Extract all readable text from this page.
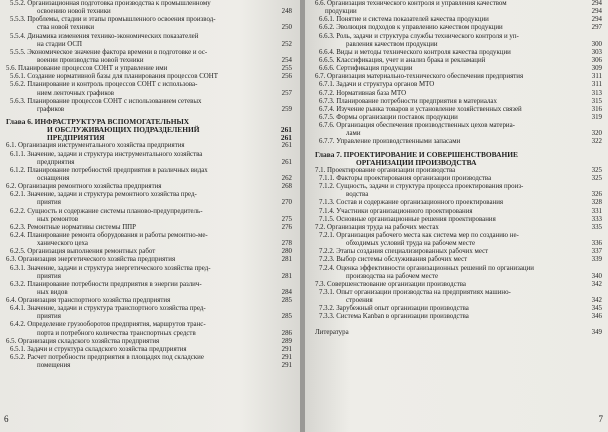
5.5.2. Организационная подготовка производства к промышленному
освоению новой техники	248
5.5.3. Проблемы, стадии и этапы промышленного освоения производ-
ства новой техники	250
5.5.4. Динамика изменения технико-экономических показателей
на стадии ОСП	252
5.5.5. Экономическое значение фактора времени в подготовке и ос-
воении производства новой техники	254
5.6. Планирование процессов СОНТ и управление ими	255
5.6.1. Создание нормативной базы для планирования процессов СОНТ	256
5.6.2. Планирование и контроль процессов СОНТ с использова-
нием ленточных графиков	257
5.6.3. Планирование процессов СОНТ с использованием сетевых
графиков	259
Глава 6. ИНФРАСТРУКТУРА ВСПОМОГАТЕЛЬНЫХ
И ОБСЛУЖИВАЮЩИХ ПОДРАЗДЕЛЕНИЙ	261
ПРЕДПРИЯТИЯ	261
6.1. Организация инструментального хозяйства предприятия	261
6.1.1. Значение, задачи и структура инструментального хозяйства
предприятия	261
6.1.2. Планирование потребностей предприятия в различных видах
оснащения	262
6.2. Организация ремонтного хозяйства предприятия	268
6.2.1. Значение, задачи и структура ремонтного хозяйства пред-
приятия	270
6.2.2. Сущность и содержание системы планово-предупредитель-
ных ремонтов	275
6.2.3. Ремонтные нормативы системы ППР	276
6.2.4. Планирование ремонта оборудования и работы ремонтно-ме-
ханического цеха	278
6.2.5. Организация выполнения ремонтных работ	280
6.3. Организация энергетического хозяйства предприятия	281
6.3.1. Значение, задачи и структура энергетического хозяйства пред-
приятия	281
6.3.2. Планирование потребности предприятия в энергии различ-
ных видов	284
6.4. Организация транспортного хозяйства предприятия	285
6.4.1. Значение, задачи и структура транспортного хозяйства пред-
приятия	285
6.4.2. Определение грузооборотов предприятия, маршрутов транс-
порта и потребного количества транспортных средств	286
6.5. Организация складского хозяйства предприятия	289
6.5.1. Задачи и структура складского хозяйства предприятия	291
6.5.2. Расчет потребности предприятия в площадях под складские	291
помещения	291
6
6.6. Организация технического контроля и управления качеством	294
продукции	294
6.6.1. Понятие и система показателей качества продукции	294
6.6.2. Эволюция подходов к управлению качеством продукции	297
6.6.3. Роль, задачи и структура службы технического контроля и уп-
равления качеством продукции	300
6.6.4. Виды и методы технического контроля качества продукции	303
6.6.5. Классификация, учет и анализ брака и рекламаций	306
6.6.6. Сертификация продукции	309
6.7. Организация материально-технического обеспечения предприятия	311
6.7.1. Задачи и структура органов МТО	311
6.7.2. Нормативная база МТО	313
6.7.3. Планирование потребности предприятия в материалах	315
6.7.4. Изучение рынка товаров и установление хозяйственных связей	316
6.7.5. Формы организации поставок продукции	319
6.7.6. Организация обеспечения производственных цехов материа-
лами	320
6.7.7. Управление производственными запасами	322
Глава 7. ПРОЕКТИРОВАНИЕ И СОВЕРШЕНСТВОВАНИЕ
ОРГАНИЗАЦИИ ПРОИЗВОДСТВА
7.1. Проектирование организации производства	325
7.1.1. Факторы проектирования организации производства	325
7.1.2. Сущность, задачи и структура процесса проектирования произ-
водства	326
7.1.3. Состав и содержание организационного проектирования	328
7.1.4. Участники организационного проектирования	331
7.1.5. Основные организационные решения проектирования	333
7.2. Организация труда на рабочих местах	335
7.2.1. Организация рабочего места как система мер по созданию не-
обходимых условий труда на рабочем месте	336
7.2.2. Этапы создания специализированных рабочих мест	337
7.2.3. Выбор системы обслуживания рабочих мест	339
7.2.4. Оценка эффективности организационных решений по организации
производства на рабочем месте	340
7.3. Совершенствование организации производства	342
7.3.1. Опыт организации производства на предприятиях машино-
строения	342
7.3.2. Зарубежный опыт организации производства	345
7.3.3. Система Kanban в организации производства	346
Литература	349
7
